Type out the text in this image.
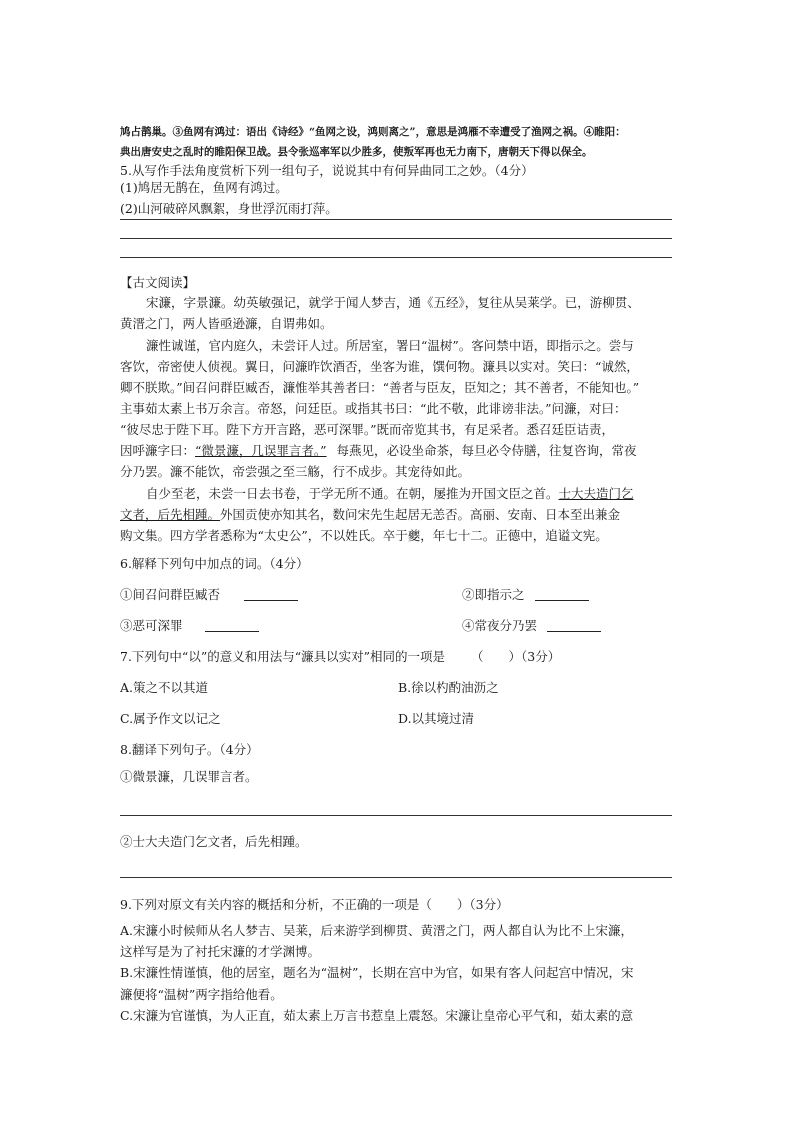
鸠占鹊巢。③鱼网有鸿过：语出《诗经》“鱼网之设，鸿则离之”，意思是鸿雁不幸遭受了渔网之祸。④睢阳：
典出唐安史之乱时的睢阳保卫战。县令张巡率军以少胜多，使叛军再也无力南下，唐朝天下得以保全。
5.从写作手法角度赏析下列一组句子，说说其中有何异曲同工之妙。（4分）
(1)鸠居无鹊在，鱼网有鸿过。
(2)山河破碎风飘絮，身世浮沉雨打萍。
【古文阅读】
宋濂，字景濂。幼英敏强记，就学于闻人梦吉，通《五经》，复往从吴莱学。已，游柳贯、
黄溍之门，两人皆亟逊濂，自谓弗如。
濂性诚谨，官内庭久，未尝讦人过。所居室，署曰“温树”。客问禁中语，即指示之。尝与
客饮，帝密使人侦视。翼日，问濂昨饮酒否，坐客为谁，馔何物。濂具以实对。笑曰：“诚然，
卿不朕欺。”间召问群臣臧否，濂惟举其善者曰：“善者与臣友，臣知之；其不善者，不能知也。”
主事茹太素上书万余言。帝怒，问廷臣。或指其书曰：“此不敬，此诽谤非法。”问濂，对曰：
“彼尽忠于陛下耳。陛下方开言路，恶可深罪。”既而帝览其书，有足采者。悉召廷臣诘责，
因呼濂字曰：“微景濂，几误罪言者。” 每燕见，必设坐命茶，每旦必令侍膳，往复咨询，常夜
分乃罢。濂不能饮，帝尝强之至三觞，行不成步。其宠待如此。
自少至老，未尝一日去书卷，于学无所不通。在朝，屡推为开国文臣之首。士大夫造门乞
文者，后先相踵。外国贡使亦知其名，数问宋先生起居无恙否。高丽、安南、日本至出兼金
购文集。四方学者悉称为“太史公”，不以姓氏。卒于夔，年七十二。正德中，追谥文宪。
6.解释下列句中加点的词。（4分）
①间召问群臣臧否	②即指示之
③恶可深罪	④常夜分乃罢
7.下列句中“以”的意义和用法与“濂具以实对”相同的一项是 （　　）（3分）
A.策之不以其道	B.徐以杓酌油沥之
C.属予作文以记之	D.以其境过清
8.翻译下列句子。（4分）
①微景濂，几误罪言者。
②士大夫造门乞文者，后先相踵。
9.下列对原文有关内容的概括和分析，不正确的一项是（　　）（3分）
A.宋濂小时候师从名人梦吉、吴莱，后来游学到柳贯、黄溍之门，两人都自认为比不上宋濂，
这样写是为了衬托宋濂的才学渊博。
B.宋濂性情谨慎，他的居室，题名为“温树”，长期在宫中为官，如果有客人问起宫中情况，宋
濂便将“温树”两字指给他看。
C.宋濂为官谨慎，为人正直，茹太素上万言书惹皇上震怒。宋濂让皇帝心平气和，茹太素的意
